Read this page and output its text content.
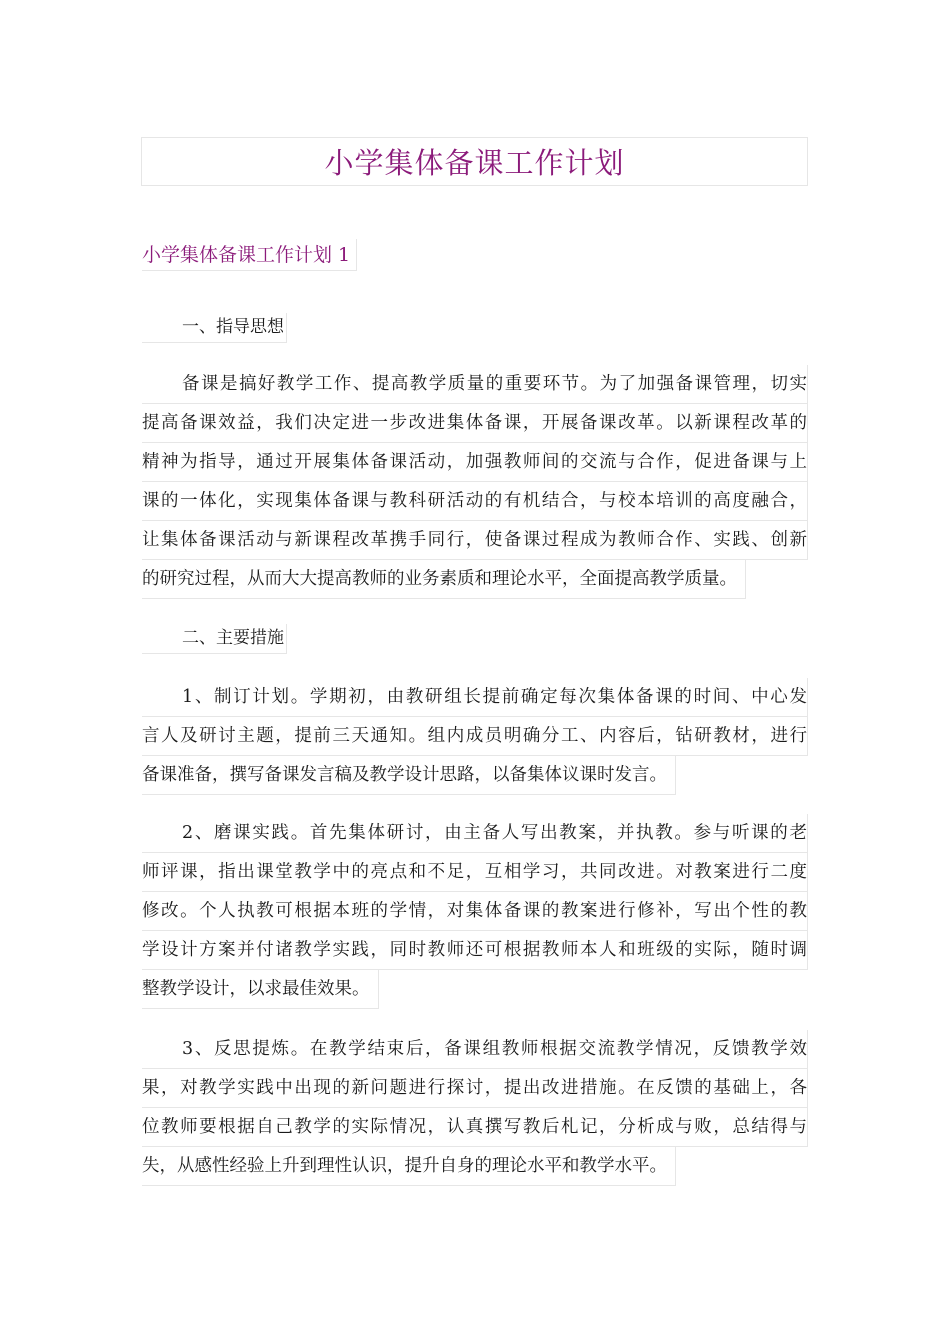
小学集体备课工作计划
小学集体备课工作计划 1
一、指导思想
备课是搞好教学工作、提高教学质量的重要环节。为了加强备课管理，切实
提高备课效益，我们决定进一步改进集体备课，开展备课改革。以新课程改革的
精神为指导，通过开展集体备课活动，加强教师间的交流与合作，促进备课与上
课的一体化，实现集体备课与教科研活动的有机结合，与校本培训的高度融合，
让集体备课活动与新课程改革携手同行，使备课过程成为教师合作、实践、创新
的研究过程，从而大大提高教师的业务素质和理论水平，全面提高教学质量。
二、主要措施
1、制订计划。学期初，由教研组长提前确定每次集体备课的时间、中心发
言人及研讨主题，提前三天通知。组内成员明确分工、内容后，钻研教材，进行
备课准备，撰写备课发言稿及教学设计思路，以备集体议课时发言。
2、磨课实践。首先集体研讨，由主备人写出教案，并执教。参与听课的老
师评课，指出课堂教学中的亮点和不足，互相学习，共同改进。对教案进行二度
修改。个人执教可根据本班的学情，对集体备课的教案进行修补，写出个性的教
学设计方案并付诸教学实践，同时教师还可根据教师本人和班级的实际，随时调
整教学设计，以求最佳效果。
3、反思提炼。在教学结束后，备课组教师根据交流教学情况，反馈教学效
果，对教学实践中出现的新问题进行探讨，提出改进措施。在反馈的基础上，各
位教师要根据自己教学的实际情况，认真撰写教后札记，分析成与败，总结得与
失，从感性经验上升到理性认识，提升自身的理论水平和教学水平。
